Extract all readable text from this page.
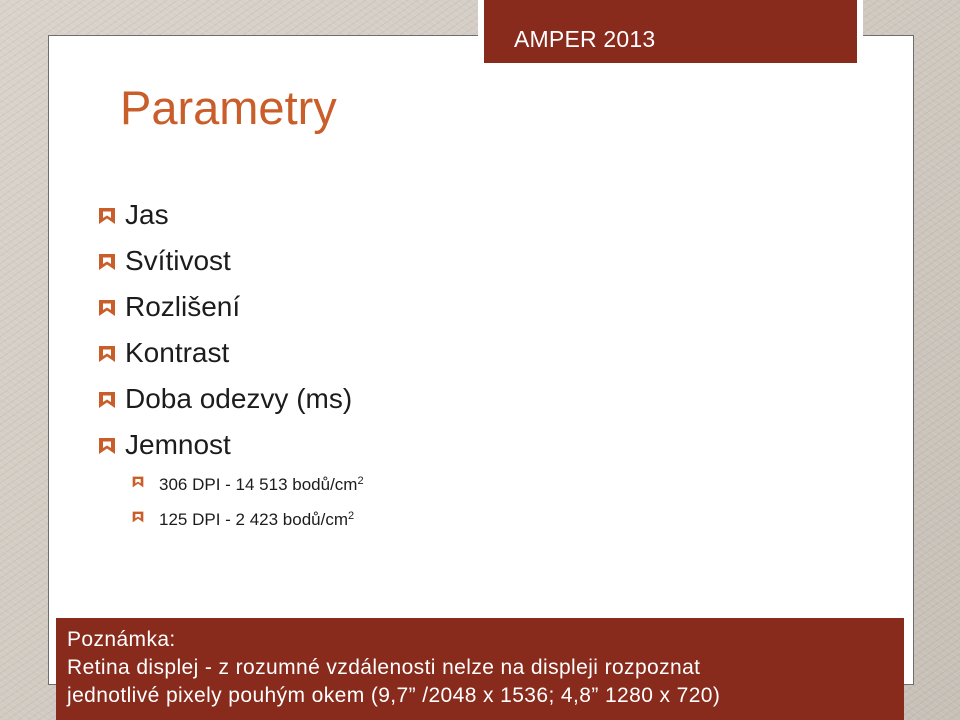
AMPER 2013
Parametry
Jas
Svítivost
Rozlišení
Kontrast
Doba odezvy (ms)
Jemnost
306 DPI - 14 513 bodů/$cm^2$
125 DPI - 2 423 bodů/$cm^2$
Poznámka:
Retina displej - z rozumné vzdálenosti nelze na displeji rozpoznat
jednotlivé pixely pouhým okem (9,7” /2048 x 1536; 4,8” 1280 x 720)
